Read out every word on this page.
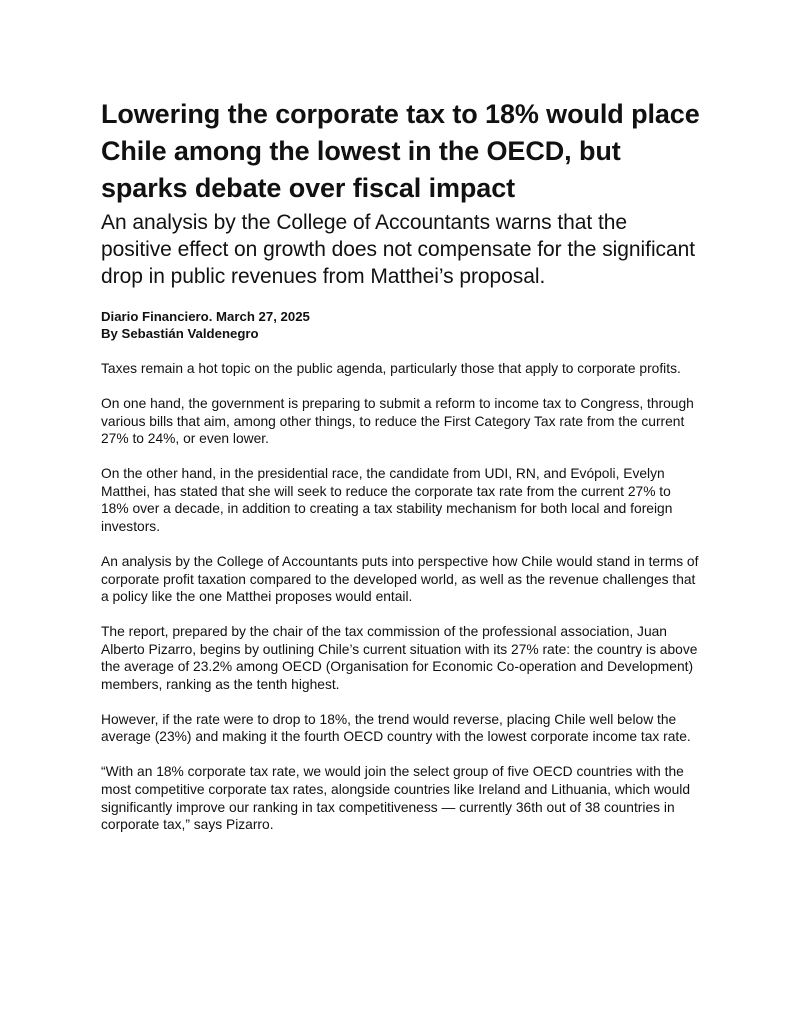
Lowering the corporate tax to 18% would place Chile among the lowest in the OECD, but sparks debate over fiscal impact
An analysis by the College of Accountants warns that the positive effect on growth does not compensate for the significant drop in public revenues from Matthei’s proposal.
Diario Financiero. March 27, 2025
By Sebastián Valdenegro

Taxes remain a hot topic on the public agenda, particularly those that apply to corporate profits.

On one hand, the government is preparing to submit a reform to income tax to Congress, through various bills that aim, among other things, to reduce the First Category Tax rate from the current 27% to 24%, or even lower.

On the other hand, in the presidential race, the candidate from UDI, RN, and Evópoli, Evelyn Matthei, has stated that she will seek to reduce the corporate tax rate from the current 27% to 18% over a decade, in addition to creating a tax stability mechanism for both local and foreign investors.

An analysis by the College of Accountants puts into perspective how Chile would stand in terms of corporate profit taxation compared to the developed world, as well as the revenue challenges that a policy like the one Matthei proposes would entail.

The report, prepared by the chair of the tax commission of the professional association, Juan Alberto Pizarro, begins by outlining Chile’s current situation with its 27% rate: the country is above the average of 23.2% among OECD (Organisation for Economic Co-operation and Development) members, ranking as the tenth highest.

However, if the rate were to drop to 18%, the trend would reverse, placing Chile well below the average (23%) and making it the fourth OECD country with the lowest corporate income tax rate.

“With an 18% corporate tax rate, we would join the select group of five OECD countries with the most competitive corporate tax rates, alongside countries like Ireland and Lithuania, which would significantly improve our ranking in tax competitiveness — currently 36th out of 38 countries in corporate tax,” says Pizarro.
